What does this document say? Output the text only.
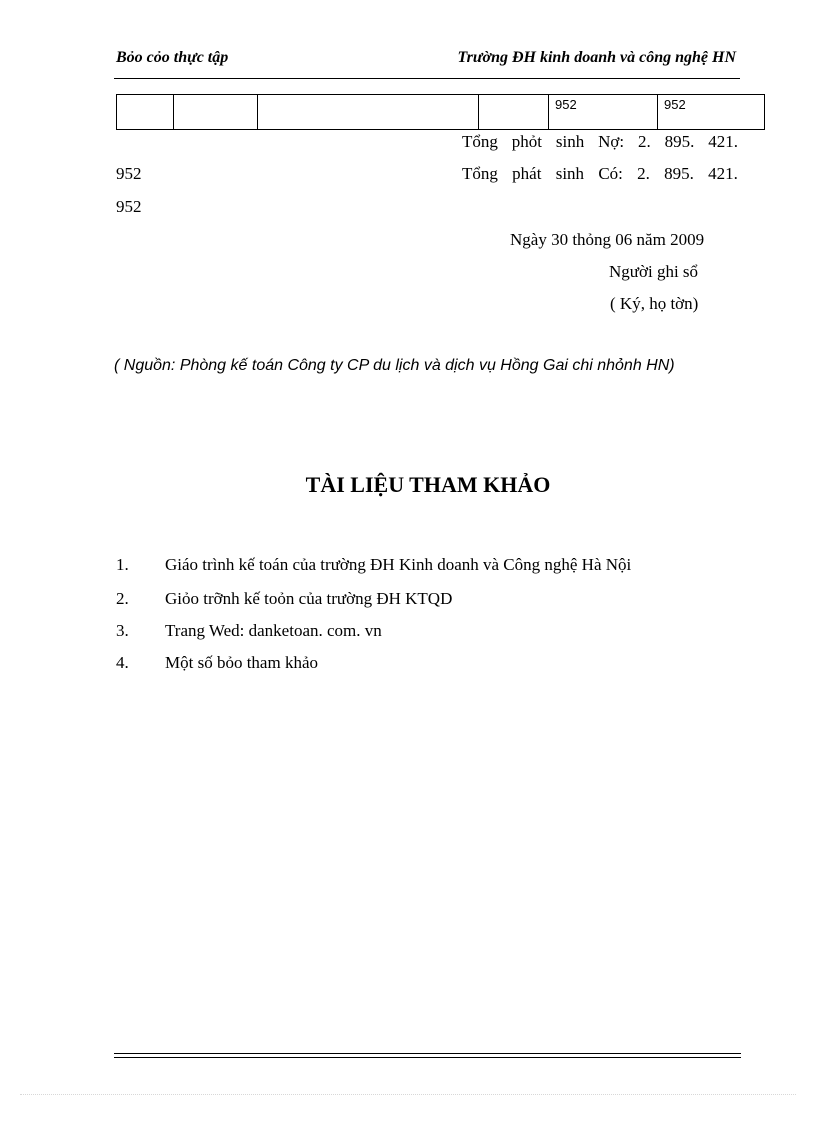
Bỏo cỏo thực tập	Trường ĐH kinh doanh và công nghệ HN
				952	952
Tổng phỏt sinh Nợ: 2. 895. 421.
952	Tổng phát sinh Có: 2. 895. 421.
952
Ngày 30 thỏng 06 năm 2009
Người ghi sổ
( Ký, họ tờn)
( Nguồn: Phòng kế toán Công ty CP du lịch và dịch vụ Hồng Gai chi nhỏnh HN)
TÀI LIỆU THAM KHẢO
1. Giáo trình kế toán của trường ĐH Kinh doanh và Công nghệ Hà Nội
2. Giỏo trỡnh kế toỏn của trường ĐH KTQD
3. Trang Wed: danketoan. com. vn
4. Một số bỏo tham khảo
